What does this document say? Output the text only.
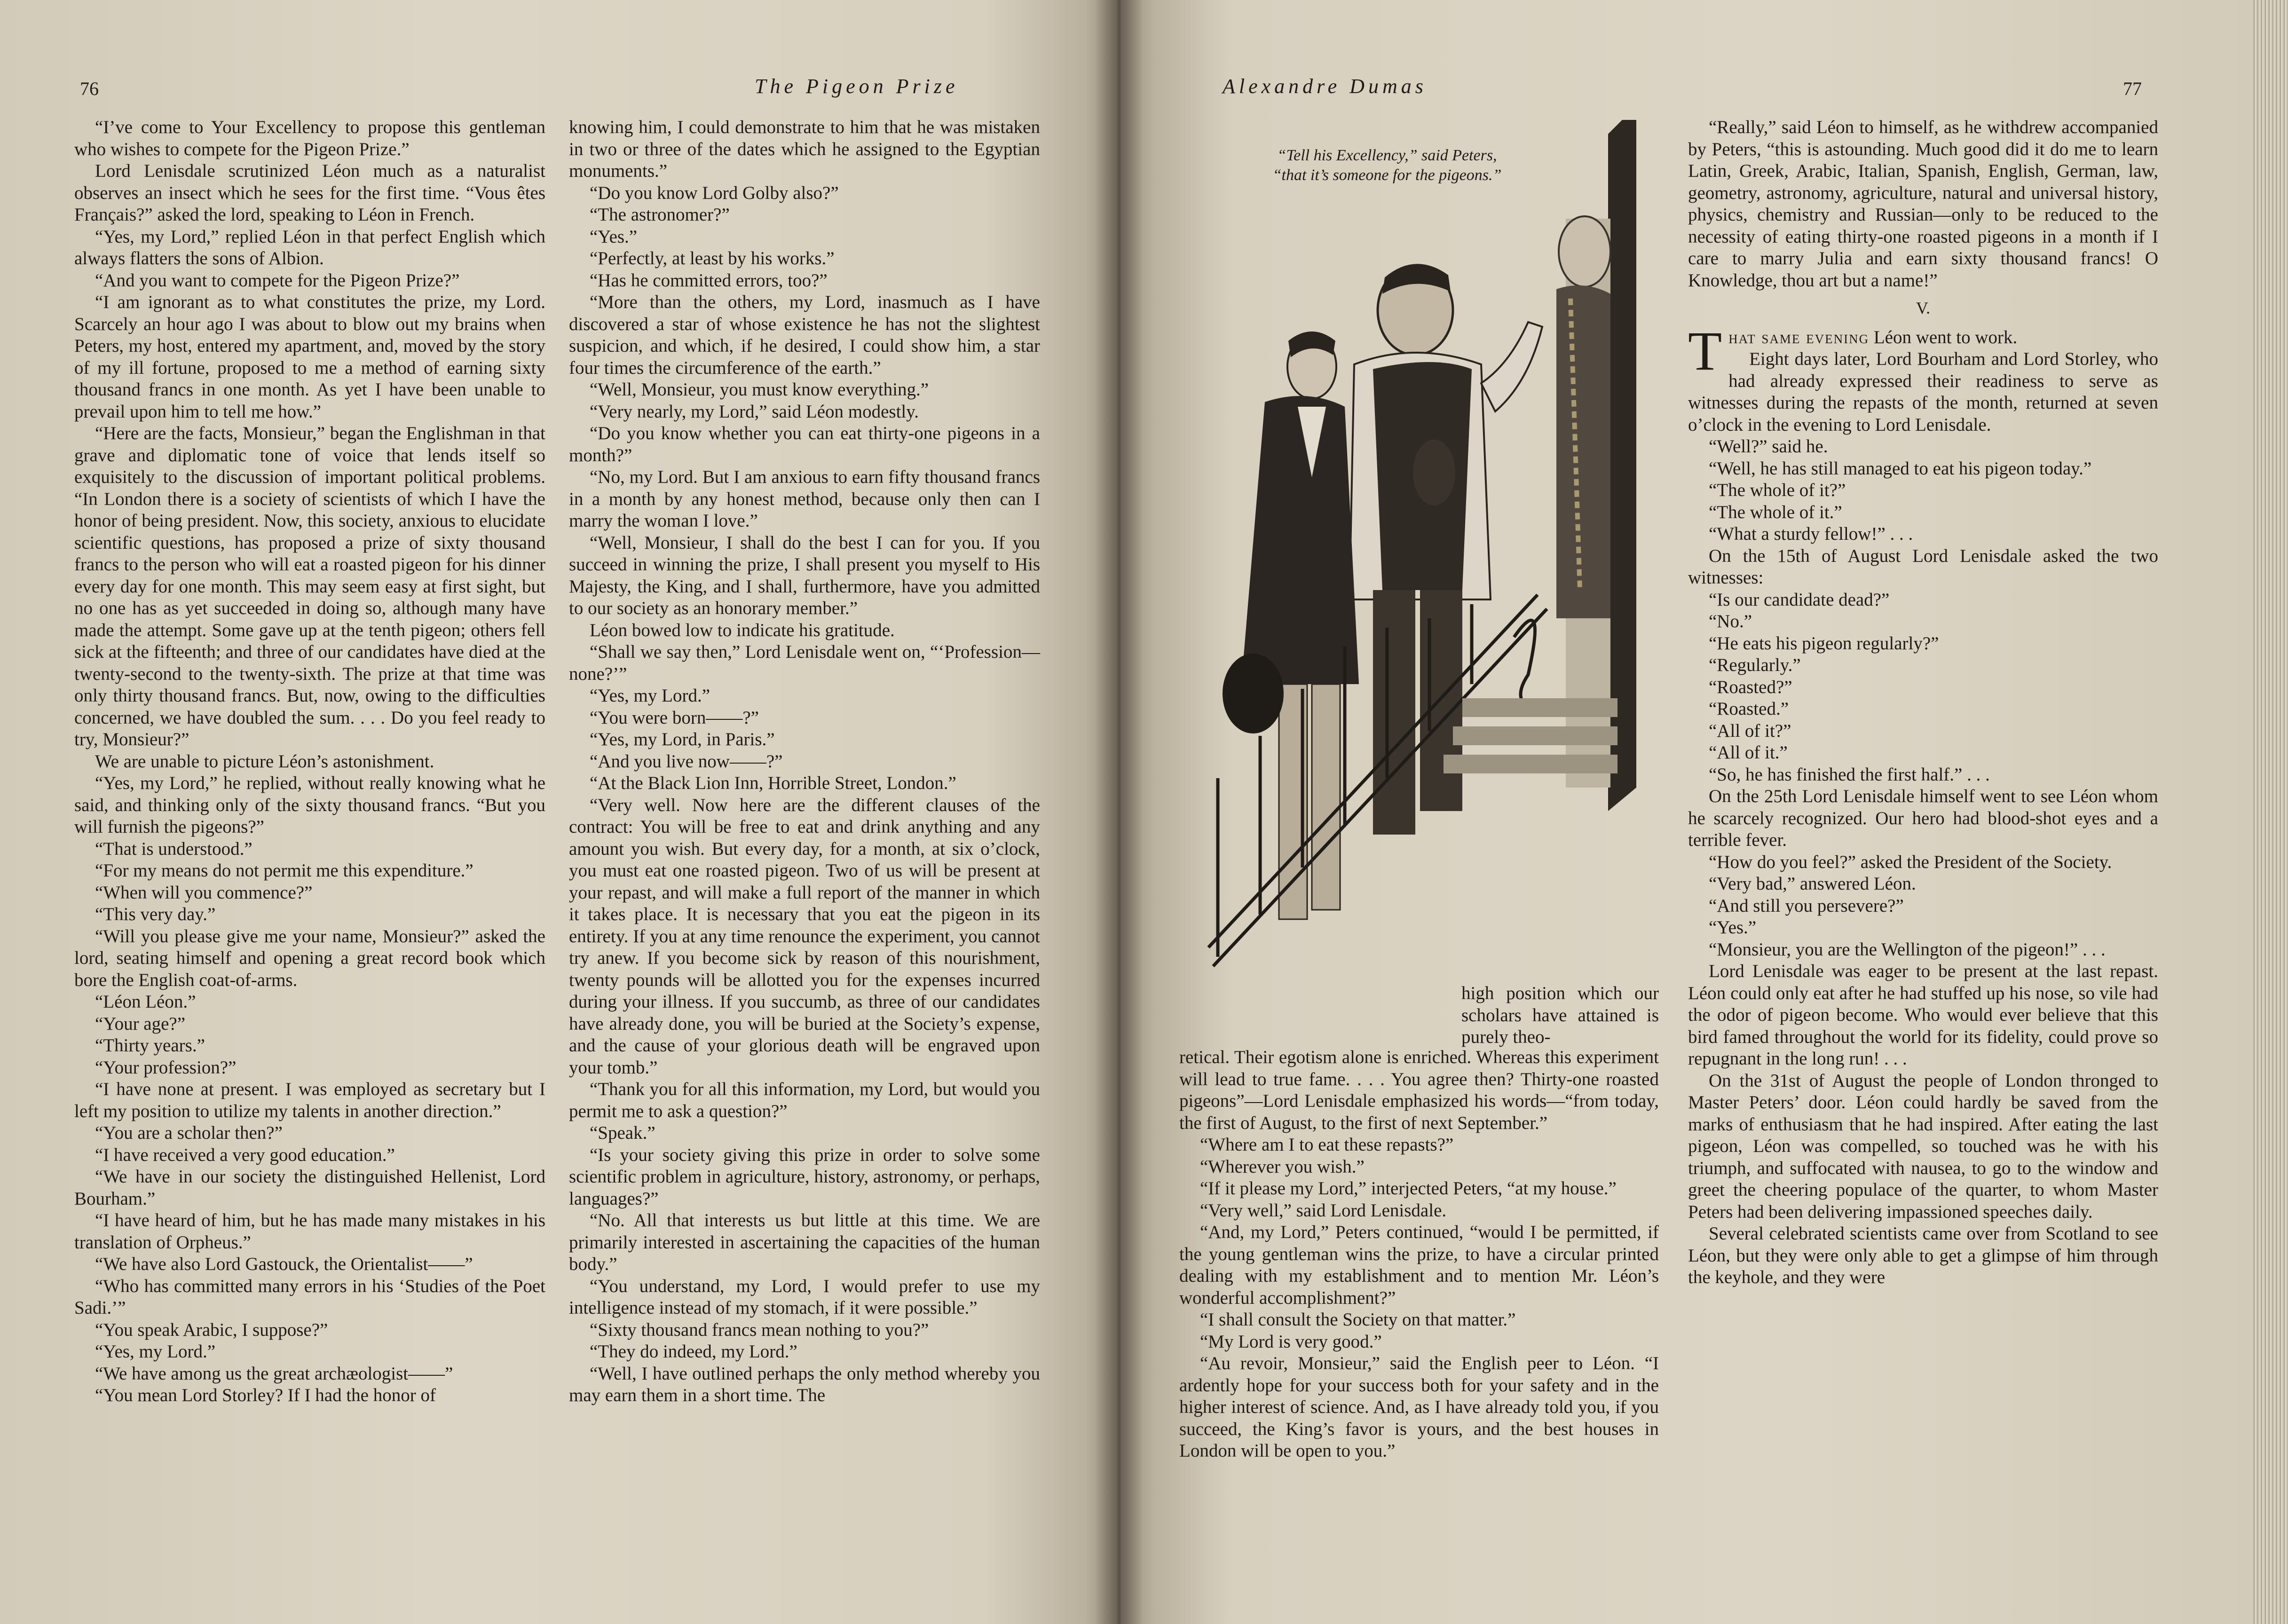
76	The Pigeon Prize

“I’ve come to Your Excellency to propose this gentleman who wishes to compete for the Pigeon Prize.”

Lord Lenisdale scrutinized Léon much as a naturalist observes an insect which he sees for the first time. “Vous êtes Français?” asked the lord, speaking to Léon in French.

“Yes, my Lord,” replied Léon in that perfect English which always flatters the sons of Albion.

“And you want to compete for the Pigeon Prize?”

“I am ignorant as to what constitutes the prize, my Lord. Scarcely an hour ago I was about to blow out my brains when Peters, my host, entered my apartment, and, moved by the story of my ill fortune, proposed to me a method of earning sixty thousand francs in one month. As yet I have been unable to prevail upon him to tell me how.”

“Here are the facts, Monsieur,” began the Englishman in that grave and diplomatic tone of voice that lends itself so exquisitely to the discussion of important political problems. “In London there is a society of scientists of which I have the honor of being president. Now, this society, anxious to elucidate scientific questions, has proposed a prize of sixty thousand francs to the person who will eat a roasted pigeon for his dinner every day for one month. This may seem easy at first sight, but no one has as yet succeeded in doing so, although many have made the attempt. Some gave up at the tenth pigeon; others fell sick at the fifteenth; and three of our candidates have died at the twenty-second to the twenty-sixth. The prize at that time was only thirty thousand francs. But, now, owing to the difficulties concerned, we have doubled the sum. . . . Do you feel ready to try, Monsieur?”

We are unable to picture Léon’s astonishment.

“Yes, my Lord,” he replied, without really knowing what he said, and thinking only of the sixty thousand francs. “But you will furnish the pigeons?”

“That is understood.”

“For my means do not permit me this expenditure.”

“When will you commence?”

“This very day.”

“Will you please give me your name, Monsieur?” asked the lord, seating himself and opening a great record book which bore the English coat-of-arms.

“Léon Léon.”

“Your age?”

“Thirty years.”

“Your profession?”

“I have none at present. I was employed as secretary but I left my position to utilize my talents in another direction.”

“You are a scholar then?”

“I have received a very good education.”

“We have in our society the distinguished Hellenist, Lord Bourham.”

“I have heard of him, but he has made many mistakes in his translation of Orpheus.”

“We have also Lord Gastouck, the Orientalist——”

“Who has committed many errors in his ‘Studies of the Poet Sadi.’”

“You speak Arabic, I suppose?”

“Yes, my Lord.”

“We have among us the great archæologist——”

“You mean Lord Storley? If I had the honor of

knowing him, I could demonstrate to him that he was mistaken in two or three of the dates which he assigned to the Egyptian monuments.”

“Do you know Lord Golby also?”

“The astronomer?”

“Yes.”

“Perfectly, at least by his works.”

“Has he committed errors, too?”

“More than the others, my Lord, inasmuch as I have discovered a star of whose existence he has not the slightest suspicion, and which, if he desired, I could show him, a star four times the circumference of the earth.”

“Well, Monsieur, you must know everything.”

“Very nearly, my Lord,” said Léon modestly.

“Do you know whether you can eat thirty-one pigeons in a month?”

“No, my Lord. But I am anxious to earn fifty thousand francs in a month by any honest method, because only then can I marry the woman I love.”

“Well, Monsieur, I shall do the best I can for you. If you succeed in winning the prize, I shall present you myself to His Majesty, the King, and I shall, furthermore, have you admitted to our society as an honorary member.”

Léon bowed low to indicate his gratitude.

“Shall we say then,” Lord Lenisdale went on, “‘Profession—none?’”

“Yes, my Lord.”

“You were born——?”

“Yes, my Lord, in Paris.”

“And you live now——?”

“At the Black Lion Inn, Horrible Street, London.”

“Very well. Now here are the different clauses of the contract: You will be free to eat and drink anything and any amount you wish. But every day, for a month, at six o’clock, you must eat one roasted pigeon. Two of us will be present at your repast, and will make a full report of the manner in which it takes place. It is necessary that you eat the pigeon in its entirety. If you at any time renounce the experiment, you cannot try anew. If you become sick by reason of this nourishment, twenty pounds will be allotted you for the expenses incurred during your illness. If you succumb, as three of our candidates have already done, you will be buried at the Society’s expense, and the cause of your glorious death will be engraved upon your tomb.”

“Thank you for all this information, my Lord, but would you permit me to ask a question?”

“Speak.”

“Is your society giving this prize in order to solve some scientific problem in agriculture, history, astronomy, or perhaps, languages?”

“No. All that interests us but little at this time. We are primarily interested in ascertaining the capacities of the human body.”

“You understand, my Lord, I would prefer to use my intelligence instead of my stomach, if it were possible.”

“Sixty thousand francs mean nothing to you?”

“They do indeed, my Lord.”

“Well, I have outlined perhaps the only method whereby you may earn them in a short time. The

Alexandre Dumas	77
high position which our scholars have attained is purely theo-

retical. Their egotism alone is enriched. Whereas this experiment will lead to true fame. . . . You agree then? Thirty-one roasted pigeons”—Lord Lenisdale emphasized his words—“from today, the first of August, to the first of next September.”

“Where am I to eat these repasts?”

“Wherever you wish.”

“If it please my Lord,” interjected Peters, “at my house.”

“Very well,” said Lord Lenisdale.

“And, my Lord,” Peters continued, “would I be permitted, if the young gentleman wins the prize, to have a circular printed dealing with my establishment and to mention Mr. Léon’s wonderful accomplishment?”

“I shall consult the Society on that matter.”

“My Lord is very good.”

“Au revoir, Monsieur,” said the English peer to Léon. “I ardently hope for your success both for your safety and in the higher interest of science. And, as I have already told you, if you succeed, the King’s favor is yours, and the best houses in London will be open to you.”

“Really,” said Léon to himself, as he withdrew accompanied by Peters, “this is astounding. Much good did it do me to learn Latin, Greek, Arabic, Italian, Spanish, English, German, law, geometry, astronomy, agriculture, natural and universal history, physics, chemistry and Russian—only to be reduced to the necessity of eating thirty-one roasted pigeons in a month if I care to marry Julia and earn sixty thousand francs! O Knowledge, thou art but a name!”

V.

That same evening Léon went to work.

Eight days later, Lord Bourham and Lord Storley, who had already expressed their readiness to serve as witnesses during the repasts of the month, returned at seven o’clock in the evening to Lord Lenisdale.

“Well?” said he.

“Well, he has still managed to eat his pigeon today.”

“The whole of it?”

“The whole of it.”

“What a sturdy fellow!” . . .

On the 15th of August Lord Lenisdale asked the two witnesses:

“Is our candidate dead?”

“No.”

“He eats his pigeon regularly?”

“Regularly.”

“Roasted?”

“Roasted.”

“All of it?”

“All of it.”

“So, he has finished the first half.” . . .

On the 25th Lord Lenisdale himself went to see Léon whom he scarcely recognized. Our hero had blood-shot eyes and a terrible fever.

“How do you feel?” asked the President of the Society.

“Very bad,” answered Léon.

“And still you persevere?”

“Yes.”

“Monsieur, you are the Wellington of the pigeon!” . . .

Lord Lenisdale was eager to be present at the last repast. Léon could only eat after he had stuffed up his nose, so vile had the odor of pigeon become. Who would ever believe that this bird famed throughout the world for its fidelity, could prove so repugnant in the long run! . . .

On the 31st of August the people of London thronged to Master Peters’ door. Léon could hardly be saved from the marks of enthusiasm that he had inspired. After eating the last pigeon, Léon was compelled, so touched was he with his triumph, and suffocated with nausea, to go to the window and greet the cheering populace of the quarter, to whom Master Peters had been delivering impassioned speeches daily.

Several celebrated scientists came over from Scotland to see Léon, but they were only able to get a glimpse of him through the keyhole, and they were

“Tell his Excellency,” said Peters,
“that it’s someone for the pigeons.”
